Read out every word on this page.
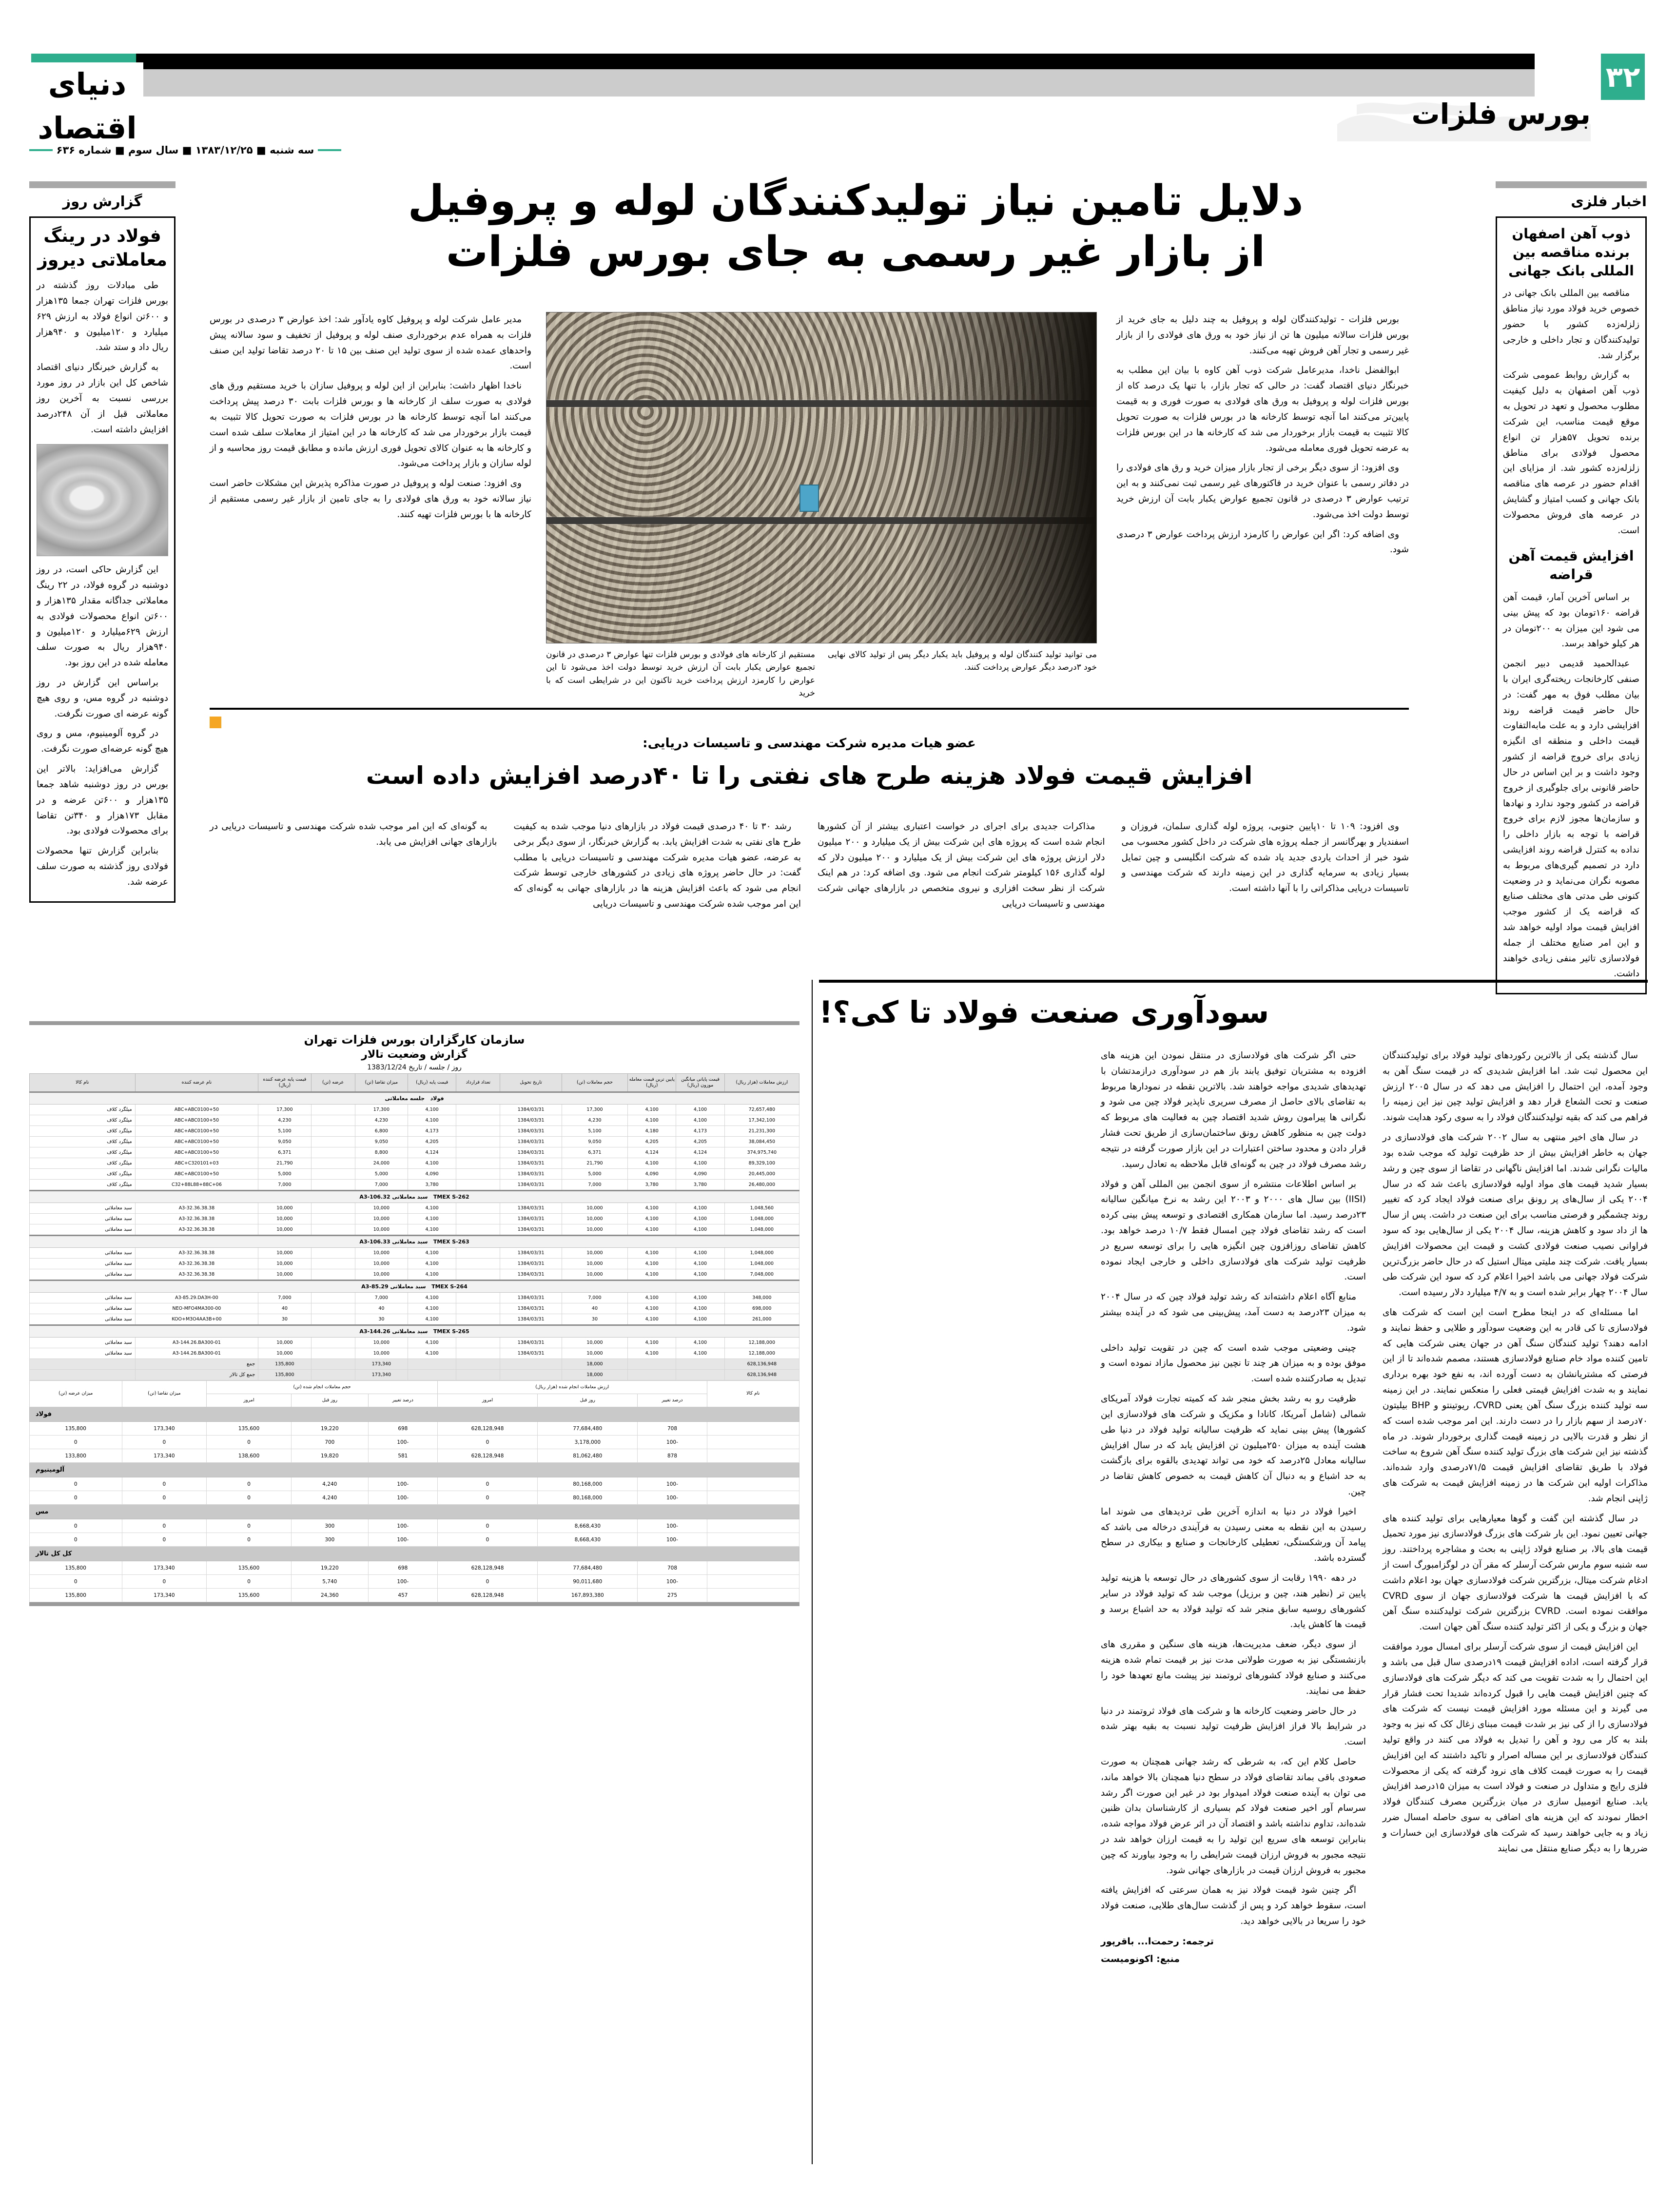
دنیای اقتصاد
۳۲
بورس فلزات
سه شنبه ■ ۱۳۸۳/۱۲/۲۵ ■ سال سوم ■ شماره ۶۳۶
دلایل تامین نیاز تولیدکنندگان لوله و پروفیل
از بازار غیر رسمی به جای بورس فلزات
گزارش روز
فولاد در رینگ معاملاتی دیروز

طی مبادلات روز گذشته در بورس فلزات تهران جمعا ۱۳۵هزار و ۶۰۰تن انواع فولاد به ارزش ۶۲۹ میلیارد و ۱۲۰میلیون و ۹۴۰هزار ریال داد و ستد شد.

به گزارش خبرنگار دنیای اقتصاد شاخص کل این بازار در روز مورد بررسی نسبت به آخرین روز معاملاتی قبل از آن ۲۴۸درصد افزایش داشته است.

این گزارش حاکی است، در روز دوشنبه در گروه فولاد، در ۲۲ رینگ معاملاتی جداگانه مقدار ۱۳۵هزار و ۶۰۰تن انواع محصولات فولادی به ارزش ۶۲۹میلیارد و ۱۲۰میلیون و ۹۴۰هزار ریال به صورت سلف معامله شده در این روز بود.

براساس این گزارش در روز دوشنبه در گروه مس، و روی هیچ گونه عرضه ای صورت نگرفت.

در گروه آلومینیوم، مس و روی هیچ گونه عرضه‌ای صورت نگرفت.

گزارش می‌افزاید: بالاتر این بورس در روز دوشنبه شاهد جمعا ۱۳۵هزار و ۶۰۰تن عرضه و در مقابل ۱۷۳هزار و ۳۴۰تن تقاضا برای محصولات فولادی بود.

بنابراین گزارش تنها محصولات فولادی روز گذشته به صورت سلف عرضه شد.

بورس فلزات - تولیدکنندگان لوله و پروفیل به چند دلیل به جای خرید از بورس فلزات سالانه میلیون ها تن از نیاز خود به ورق های فولادی را از بازار غیر رسمی و تجار آهن فروش تهیه می‌کنند.

ابوالفضل ناخدا، مدیرعامل شرکت ذوب آهن کاوه با بیان این مطلب به خبرنگار دنیای اقتصاد گفت: در حالی که تجار بازار، با تنها یک درصد کاه از بورس فلزات لوله و پروفیل به ورق های فولادی به صورت فوری و به قیمت پایین‌تر می‌کنند اما آنچه توسط کارخانه ها در بورس فلزات به صورت تحویل کالا تثبیت به قیمت بازار برخوردار می شد که کارخانه ها در این بورس فلزات به عرضه تحویل فوری معامله می‌شود.

وی افزود: از سوی دیگر برخی از تجار بازار میزان خرید و رق های فولادی را در دفاتر رسمی با عنوان خرید در فاکتورهای غیر رسمی ثبت نمی‌کنند و به این ترتیب عوارض ۳ درصدی در قانون تجمیع عوارض یکبار بابت آن ارزش خرید توسط دولت اخذ می‌شود.

وی اضافه کرد: اگر این عوارض را کارمزد ارزش پرداخت عوارض ۳ درصدی شود.

مدیر عامل شرکت لوله و پروفیل کاوه یادآور شد: اخذ عوارض ۳ درصدی در بورس فلزات به همراه عدم برخورداری صنف لوله و پروفیل از تخفیف و سود سالانه پیش واحدهای عمده شده از سوی تولید این صنف بین ۱۵ تا ۲۰ درصد تقاضا تولید این صنف است.

ناخدا اظهار داشت: بنابراین از این لوله و پروفیل سازان با خرید مستقیم ورق های فولادی به صورت سلف از کارخانه ها و بورس فلزات بابت ۳۰ درصد پیش پرداخت می‌کنند اما آنچه توسط کارخانه ها در بورس فلزات به صورت تحویل کالا تثبیت به قیمت بازار برخوردار می شد که کارخانه ها در این امتیاز از معاملات سلف شده است و کارخانه ها به عنوان کالای تحویل فوری ارزش مانده و مطابق قیمت روز محاسبه و از لوله سازان و بازار پرداخت می‌شود.

وی افزود: صنعت لوله و پروفیل در صورت مذاکره پذیرش این مشکلات حاضر است نیاز سالانه خود به ورق های فولادی را به جای تامین از بازار غیر رسمی مستقیم از کارخانه ها با بورس فلزات تهیه کنند.

می توانید تولید کنندگان لوله و پروفیل باید یکبار دیگر پس از تولید کالای نهایی خود ۳درصد دیگر عوارض پرداخت کنند.
مستقیم از کارخانه های فولادی و بورس فلزات تنها عوارض ۳ درصدی در قانون تجمیع عوارض یکبار بابت آن ارزش خرید توسط دولت اخذ می‌شود تا این عوارض را کارمزد ارزش پرداخت خرید تاکنون این در شرایطی است که با خرید
عضو هیات مدیره شرکت مهندسی و تاسیسات دریایی:
افزایش قیمت فولاد هزینه طرح های نفتی را تا ۴۰درصد افزایش داده است

وی افزود: ۱۰۹ تا ۱۰پایین جنوبی، پروژه لوله گذاری سلمان، فروزان و اسفندیار و بهرگانسر از جمله پروژه های شرکت در داخل کشور محسوب می شود خبر از احداث یاردی جدید یاد شده که شرکت انگلیسی و چین تمایل بسیار زیادی به سرمایه گذاری در این زمینه دارند که شرکت مهندسی و تاسیسات دریایی مذاکراتی را با آنها داشته است.

مذاکرات جدیدی برای اجرای در خواست اعتباری بیشتر از آن کشورها انجام شده است که پروژه های این شرکت بیش از یک میلیارد و ۲۰۰ میلیون دلار ارزش پروژه های این شرکت بیش از یک میلیارد و ۲۰۰ میلیون دلار که لوله گذاری ۱۵۶ کیلومتر شرکت انجام می شود. وی اضافه کرد: در هم اینک شرکت از نظر سخت افزاری و نیروی متخصص در بازارهای جهانی شرکت مهندسی و تاسیسات دریایی

رشد ۳۰ تا ۴۰ درصدی قیمت فولاد در بازارهای دنیا موجب شده به کیفیت طرح های نفتی به شدت افزایش یابد. به گزارش خبرنگار، از سوی دیگر برخی به عرضه، عضو هیات مدیره شرکت مهندسی و تاسیسات دریایی با مطلب گفت: در حال حاضر پروژه های زیادی در کشورهای خارجی توسط شرکت انجام می شود که باعث افزایش هزینه ها در بازارهای جهانی به گونه‌ای که این امر موجب شده شرکت مهندسی و تاسیسات دریایی

به گونه‌ای که این امر موجب شده شرکت مهندسی و تاسیسات دریایی در بازارهای جهانی افزایش می یابد.

اخبار فلزی
ذوب آهن اصفهان برنده مناقصه بین المللی بانک جهانی

مناقصه بین المللی بانک جهانی در خصوص خرید فولاد مورد نیاز مناطق زلزله‌زده کشور با حضور تولیدکنندگان و تجار داخلی و خارجی برگزار شد.

به گزارش روابط عمومی شرکت ذوب آهن اصفهان به دلیل کیفیت مطلوب محصول و تعهد در تحویل به موقع قیمت مناسب، این شرکت برنده تحویل ۵۷هزار تن انواع محصول فولادی برای مناطق زلزله‌زده کشور شد. از مزایای این اقدام حضور در عرصه های مناقصه بانک جهانی و کسب امتیاز و گشایش در عرصه های فروش محصولات است.

افزایش قیمت آهن قراضه

بر اساس آخرین آمار، قیمت آهن قراضه ۱۶۰تومان بود که پیش بینی می شود این میزان به ۲۰۰تومان در هر کیلو خواهد برسد.

عبدالحمید قدیمی دبیر انجمن صنفی کارخانجات ریخته‌گری ایران با بیان مطلب فوق به مهر گفت: در حال حاضر قیمت قراضه روند افزایشی دارد و به علت مابه‌التفاوت قیمت داخلی و منطقه ای انگیزه زیادی برای خروج قراضه از کشور وجود داشت و بر این اساس در حال حاضر قانونی برای جلوگیری از خروج قراضه در کشور وجود ندارد و نهادها و سازمان‌ها مجوز لازم برای خروج قراضه با توجه به بازار داخلی را نداده به کنترل قراضه روند افزایشی دارد در تصمیم گیری‌های مربوط به مصوبه نگران می‌نماید و در وضعیت کنونی طی مدتی های مختلف صنایع که قراضه یک از کشور موجب افزایش قیمت مواد اولیه خواهد شد و این امر صنایع مختلف از جمله فولادسازی تاثیر منفی زیادی خواهند داشت.

سازمان کارگزاران بورس فلزات تهران
گزارش وضعیت تالار
روز / جلسه / تاریخ 1383/12/24
ارزش معاملات (هزار ریال)	قیمت پایانی میانگین موزون (ریال)	پایین ترین قیمت معامله (ریال)	حجم معاملات (تن)	تاریخ تحویل	تعداد قرارداد	قیمت پایه (ریال)	میزان تقاضا (تن)	عرضه (تن)	قیمت پایه عرضه کننده (ریال)	نام عرضه کننده	نام کالا
فولاد   جلسه معاملاتی											
72,657,480	4,100	4,100	17,300	1384/03/31		4,100	17,300		17,300	ABC+ABC0100+50	میلگرد کلاف
17,342,100	4,100	4,100	4,230	1384/03/31		4,100	4,230		4,230	ABC+ABC0100+50	میلگرد کلاف
21,231,300	4,173	4,180	5,100	1384/03/31		4,173	6,800		5,100	ABC+ABC0100+50	میلگرد کلاف
38,084,450	4,205	4,205	9,050	1384/03/31		4,205	9,050		9,050	ABC+ABC0100+50	میلگرد کلاف
374,975,740	4,124	4,124	6,371	1384/03/31		4,124	8,800		6,371	ABC+ABC0100+50	میلگرد کلاف
89,329,100	4,100	4,100	21,790	1384/03/31		4,100	24,000		21,790	ABC+C320101+03	میلگرد کلاف
20,445,000	4,090	4,090	5,000	1384/03/31		4,090	5,000		5,000	ABC+ABC0100+50	میلگرد کلاف
26,480,000	3,780	3,780	7,000	1384/03/31		3,780	7,000		7,000	C32+88L88+88C+06	میلگرد کلاف
TMEX S-262   سبد معاملاتی A3-106.32											
1,048,560	4,100	4,100	10,000	1384/03/31		4,100	10,000		10,000	A3-32.36.38.38	سبد معاملاتی
1,048,000	4,100	4,100	10,000	1384/03/31		4,100	10,000		10,000	A3-32.36.38.38	سبد معاملاتی
1,048,000	4,100	4,100	10,000	1384/03/31		4,100	10,000		10,000	A3-32.36.38.38	سبد معاملاتی
TMEX S-263   سبد معاملاتی A3-106.33											
1,048,000	4,100	4,100	10,000	1384/03/31		4,100	10,000		10,000	A3-32.36.38.38	سبد معاملاتی
1,048,000	4,100	4,100	10,000	1384/03/31		4,100	10,000		10,000	A3-32.36.38.38	سبد معاملاتی
7,048,000	4,100	4,100	10,000	1384/03/31		4,100	10,000		10,000	A3-32.36.38.38	سبد معاملاتی
TMEX S-264   سبد معاملاتی A3-85.29											
348,000	4,100	4,100	7,000	1384/03/31		4,100	7,000		7,000	A3-85.29.DA3H-00	سبد معاملاتی
698,000	4,100	4,100	40	1384/03/31		4,100	40		40	NEO-MFO4MA300-00	سبد معاملاتی
261,000	4,100	4,100	30	1384/03/31		4,100	30		30	KOO+M3O4AA3B+00	سبد معاملاتی
TMEX S-265   سبد معاملاتی A3-144.26											
12,188,000	4,100	4,100	10,000	1384/03/31		4,100	10,000		10,000	A3-144.26.BA300-01	سبد معاملاتی
12,188,000	4,100	4,100	10,000	1384/03/31		4,100	10,000		10,000	A3-144.26.BA300-01	سبد معاملاتی
628,136,948			18,000				173,340		135,800	جمع	
628,136,948			18,000				173,340		135,800	جمع کل تالار	
نام کالا	ارزش معاملات انجام شده (هزار ریال)			حجم معاملات انجام شده (تن)			میزان تقاضا (تن)	میزان عرضه (تن)
	درصد تغییر	روز قبل	امروز	درصد تغییر	روز قبل	امروز		
فولاد								
	708	77,684,480	628,128,948	698	19,220	135,600	173,340	135,800
	-100	3,178,000	0	-100	700	0	0	0
	878	81,062,480	628,128,948	581	19,820	138,600	173,340	133,800
آلومینیوم								
	-100	80,168,000	0	-100	4,240	0	0	0
	-100	80,168,000	0	-100	4,240	0	0	0
مس								
	-100	8,668,430	0	-100	300	0	0	0
	-100	8,668,430	0	-100	300	0	0	0
کل کل تالار								
	708	77,684,480	628,128,948	698	19,220	135,600	173,340	135,800
	-100	90,011,680	0	-100	5,740	0	0	0
	275	167,893,380	628,128,948	457	24,360	135,600	173,340	135,800
سودآوری صنعت فولاد تا کی؟!

سال گذشته یکی از بالاترین رکوردهای تولید فولاد برای تولیدکنندگان این محصول ثبت شد. اما افزایش شدیدی که در قیمت سنگ آهن به وجود آمده، این احتمال را افزایش می دهد که در سال ۲۰۰۵ ارزش صنعت و تحت الشعاع قرار دهد و افزایش تولید چین نیز این زمینه را فراهم می کند که بقیه تولیدکنندگان فولاد را به سوی رکود هدایت شوند.

در سال های اخیر منتهی به سال ۲۰۰۲ شرکت های فولادسازی در جهان به خاطر افزایش بیش از حد ظرفیت تولید که موجب شده بود مالیات نگرانی شدند. اما افزایش ناگهانی در تقاضا از سوی چین و رشد بسیار شدید قیمت های مواد اولیه فولادسازی باعث شد که در سال ۲۰۰۴ یکی از سال‌های پر رونق برای صنعت فولاد ایجاد کرد که تغییر روند چشمگیر و فرصتی مناسب برای این صنعت در داشت. پس از سال ها از داد سود و کاهش هزینه، سال ۲۰۰۴ یکی از سال‌هایی بود که سود فراوانی نصیب صنعت فولادی کشت و قیمت این محصولات افزایش بسیار یافت. شرکت چند ملیتی میتال استیل که در حال حاضر بزرگ‌ترین شرکت فولاد جهانی می باشد اخیرا اعلام کرد که سود این شرکت طی سال ۲۰۰۴ چهار برابر شده است و به ۴/۷ میلیارد دلار رسیده است.

اما مسئله‌ای که در اینجا مطرح است این است که شرکت های فولادسازی تا کی قادر به این وضعیت سودآور و طلایی و حفظ نمایند و ادامه دهند؟ تولید کنندگان سنگ آهن در جهان یعنی شرکت هایی که تامین کننده مواد خام صنایع فولادسازی هستند، مصمم شده‌اند تا از این فرصتی که مشتریانشان به دست آورده اند، به نفع خود بهره برداری نمایند و به شدت افزایش قیمتی فعلی را منعکس نمایند. در این زمینه سه تولید کننده بزرگ سنگ آهن یعنی CVRD، ریوتینتو و BHP بیلیتون ۷۰درصد از سهم بازار را در دست دارند. این امر موجب شده است که از نظر و قدرت بالایی در زمینه قیمت گذاری برخوردار شوند. در ماه گذشته نیز این شرکت های بزرگ تولید کننده سنگ آهن شروع به ساخت فولاد با طریق تقاضای افزایش قیمت ۷۱/۵درصدی وارد شده‌اند. مذاکرات اولیه این شرکت ها در زمینه افزایش قیمت به شرکت های ژاپنی انجام شد.

در سال گذشته این گفت و گوها معیارهایی برای تولید کننده های جهانی تعیین نمود. این بار شرکت های بزرگ فولادسازی نیز مورد تحمیل قیمت های بالا، بر صنایع فولاد ژاپنی به بحث و مشاجره پرداختند. روز سه شنبه سوم مارس شرکت آرسلر که مقر آن در لوگزامبورگ است از ادغام شرکت میتال، بزرگترین شرکت فولادسازی جهان بود اعلام داشت که با افزایش قیمت ها شرکت فولادسازی جهان از سوی CVRD موافقت نموده است. CVRD بزرگترین شرکت تولیدکننده سنگ آهن جهان و بزرگ و یکی از اکثر تولید کننده سنگ آهن جهان است.

این افزایش قیمت از سوی شرکت آرسلر برای امسال مورد موافقت قرار گرفته است، اداده افزایش قیمت ۱۹درصدی سال قبل می باشد و این احتمال را به شدت تقویت می کند که دیگر شرکت های فولادسازی که چنین افزایش قیمت هایی را قبول کرده‌اند شدیدا تحت فشار قرار می گیرند و این مسئله مورد افزایش قیمت نیست که شرکت های فولادسازی را از کی نیز بر شدت قیمت مبنای زغال کک که نیز به وجود بلند به کار می رود و آهن را تبدیل به فولاد می کنند در واقع تولید کنندگان فولادسازی بر این مساله اصرار و تاکید داشتند که این افزایش قیمت را به صورت قیمت کلاف های نرود گرفته که یکی از محصولات فلزی رایج و متداول در صنعت و فولاد است به میزان ۱۵درصد افزایش یابد. صنایع اتومبیل سازی در میان بزرگترین مصرف کنندگان فولاد اخطار نمودند که این هزینه های اضافی به سوی حاصله امسال ضرر زیاد و به جایی خواهند رسید که شرکت های فولادسازی این خسارات و ضررها را به دیگر صنایع منتقل می نمایند

حتی اگر شرکت های فولادسازی در منتقل نمودن این هزینه های افزوده به مشتریان توفیق یابند باز هم در سودآوری درازمدتشان با تهدیدهای شدیدی مواجه خواهند شد. بالاترین نقطه در نمودارها مربوط به تقاضای بالای حاصل از مصرف سریری ناپذیر فولاد چین می شود و نگرانی ها پیرامون روش شدید اقتصاد چین به فعالیت های مربوط که دولت چین به منظور کاهش رونق ساختمان‌سازی از طریق تحت فشار قرار دادن و محدود ساختن اعتبارات در این بازار صورت گرفته در نتیجه رشد مصرف فولاد در چین به گونه‌ای قابل ملاحظه به تعادل رسید.

بر اساس اطلاعات منتشره از سوی انجمن بین المللی آهن و فولاد (IISI) بین سال های ۲۰۰۰ و ۲۰۰۳ این رشد به نرخ میانگین سالیانه ۲۳درصد رسید. اما سازمان همکاری اقتصادی و توسعه پیش بینی کرده است که رشد تقاضای فولاد چین امسال فقط ۱۰/۷ درصد خواهد بود. کاهش تقاضای روزافزون چین انگیزه هایی را برای توسعه سریع در ظرفیت تولید شرکت های فولادسازی داخلی و خارجی ایجاد نموده است.

منابع آگاه اعلام داشته‌اند که رشد تولید فولاد چین که در سال ۲۰۰۴ به میزان ۲۳درصد به دست آمد، پیش‌بینی می شود که در آینده بیشتر شود.

چینی وضعیتی موجب شده است که چین در تقویت تولید داخلی موفق بوده و به میزان هر چند تا نچین نیز محصول مازاد نموده است و تبدیل به صادرکننده شده است.

ظرفیت رو به رشد بخش منجر شد که کمیته تجارت فولاد آمریکای شمالی (شامل آمریکا، کانادا و مکزیک و شرکت های فولادسازی این کشورها) پیش بینی نماید که ظرفیت سالیانه تولید فولاد در دنیا طی هشت آینده به میزان ۲۵۰میلیون تن افزایش یابد که در سال افزایش سالیانه معادل ۲۵درصد که خود می تواند تهدیدی بالقوه برای بازگشت به حد اشباع و به دنبال آن کاهش قیمت به خصوص کاهش تقاضا در چین.

اخیرا فولاد در دنیا به اندازه آخرین طی تردیدهای می شوند اما رسیدن به این نقطه به معنی رسیدن به فرآیندی درخاله می باشد که پیامد آن ورشکستگی، تعطیلی کارخانجات و صنایع و بیکاری در سطح گسترده باشد.

در دهه ۱۹۹۰ رقابت از سوی کشورهای در حال توسعه با هزینه تولید پایین تر (نظیر هند، چین و برزیل) موجب شد که تولید فولاد در سایر کشورهای روسیه سابق منجر شد که تولید فولاد به حد اشباع برسد و قیمت ها کاهش یابد.

از سوی دیگر، ضعف مدیریت‌ها، هزینه های سنگین و مقرری های بازنشستگی نیز به صورت طولانی مدت نیز بر قیمت تمام شده هزینه می‌کنند و صنایع فولاد کشورهای ثروتمند نیز پیشت مانع تعهدها خود را حفظ می نمایند.

در حال حاضر وضعیت کارخانه ها و شرکت های فولاد ثروتمند در دنیا در شرایط بالا فراز افزایش ظرفیت تولید نسبت به بقیه بهتر شده است.

حاصل کلام این که، به شرطی که رشد جهانی همچنان به صورت صعودی باقی بماند تقاضای فولاد در سطح دنیا همچنان بالا خواهد ماند، می توان به آینده صنعت فولاد امیدوار بود در غیر این صورت اگر رشد سرسام آور اخیر صنعت فولاد کم بسیاری از کارشناسان بدان ظنین شده‌اند، تداوم نداشته باشد و اقتصاد آن در اثر عرض فولاد مواجه شده، بنابراین توسعه های سریع این تولید را به قیمت ارزان خواهد شد در نتیجه مجبور به فروش ارزان قیمت شرایطی را به وجود بیاورند که چین مجبور به فروش ارزان قیمت در بازارهای جهانی شود.

اگر چنین شود قیمت فولاد نیز به همان سرعتی که افزایش یافته است، سقوط خواهد کرد و پس از گذشت سال‌های طلایی، صنعت فولاد خود را سریعا در بالایی خواهد دید.

ترجمه: رحمت‌ا... باقرپور
منبع: اکونومیست
